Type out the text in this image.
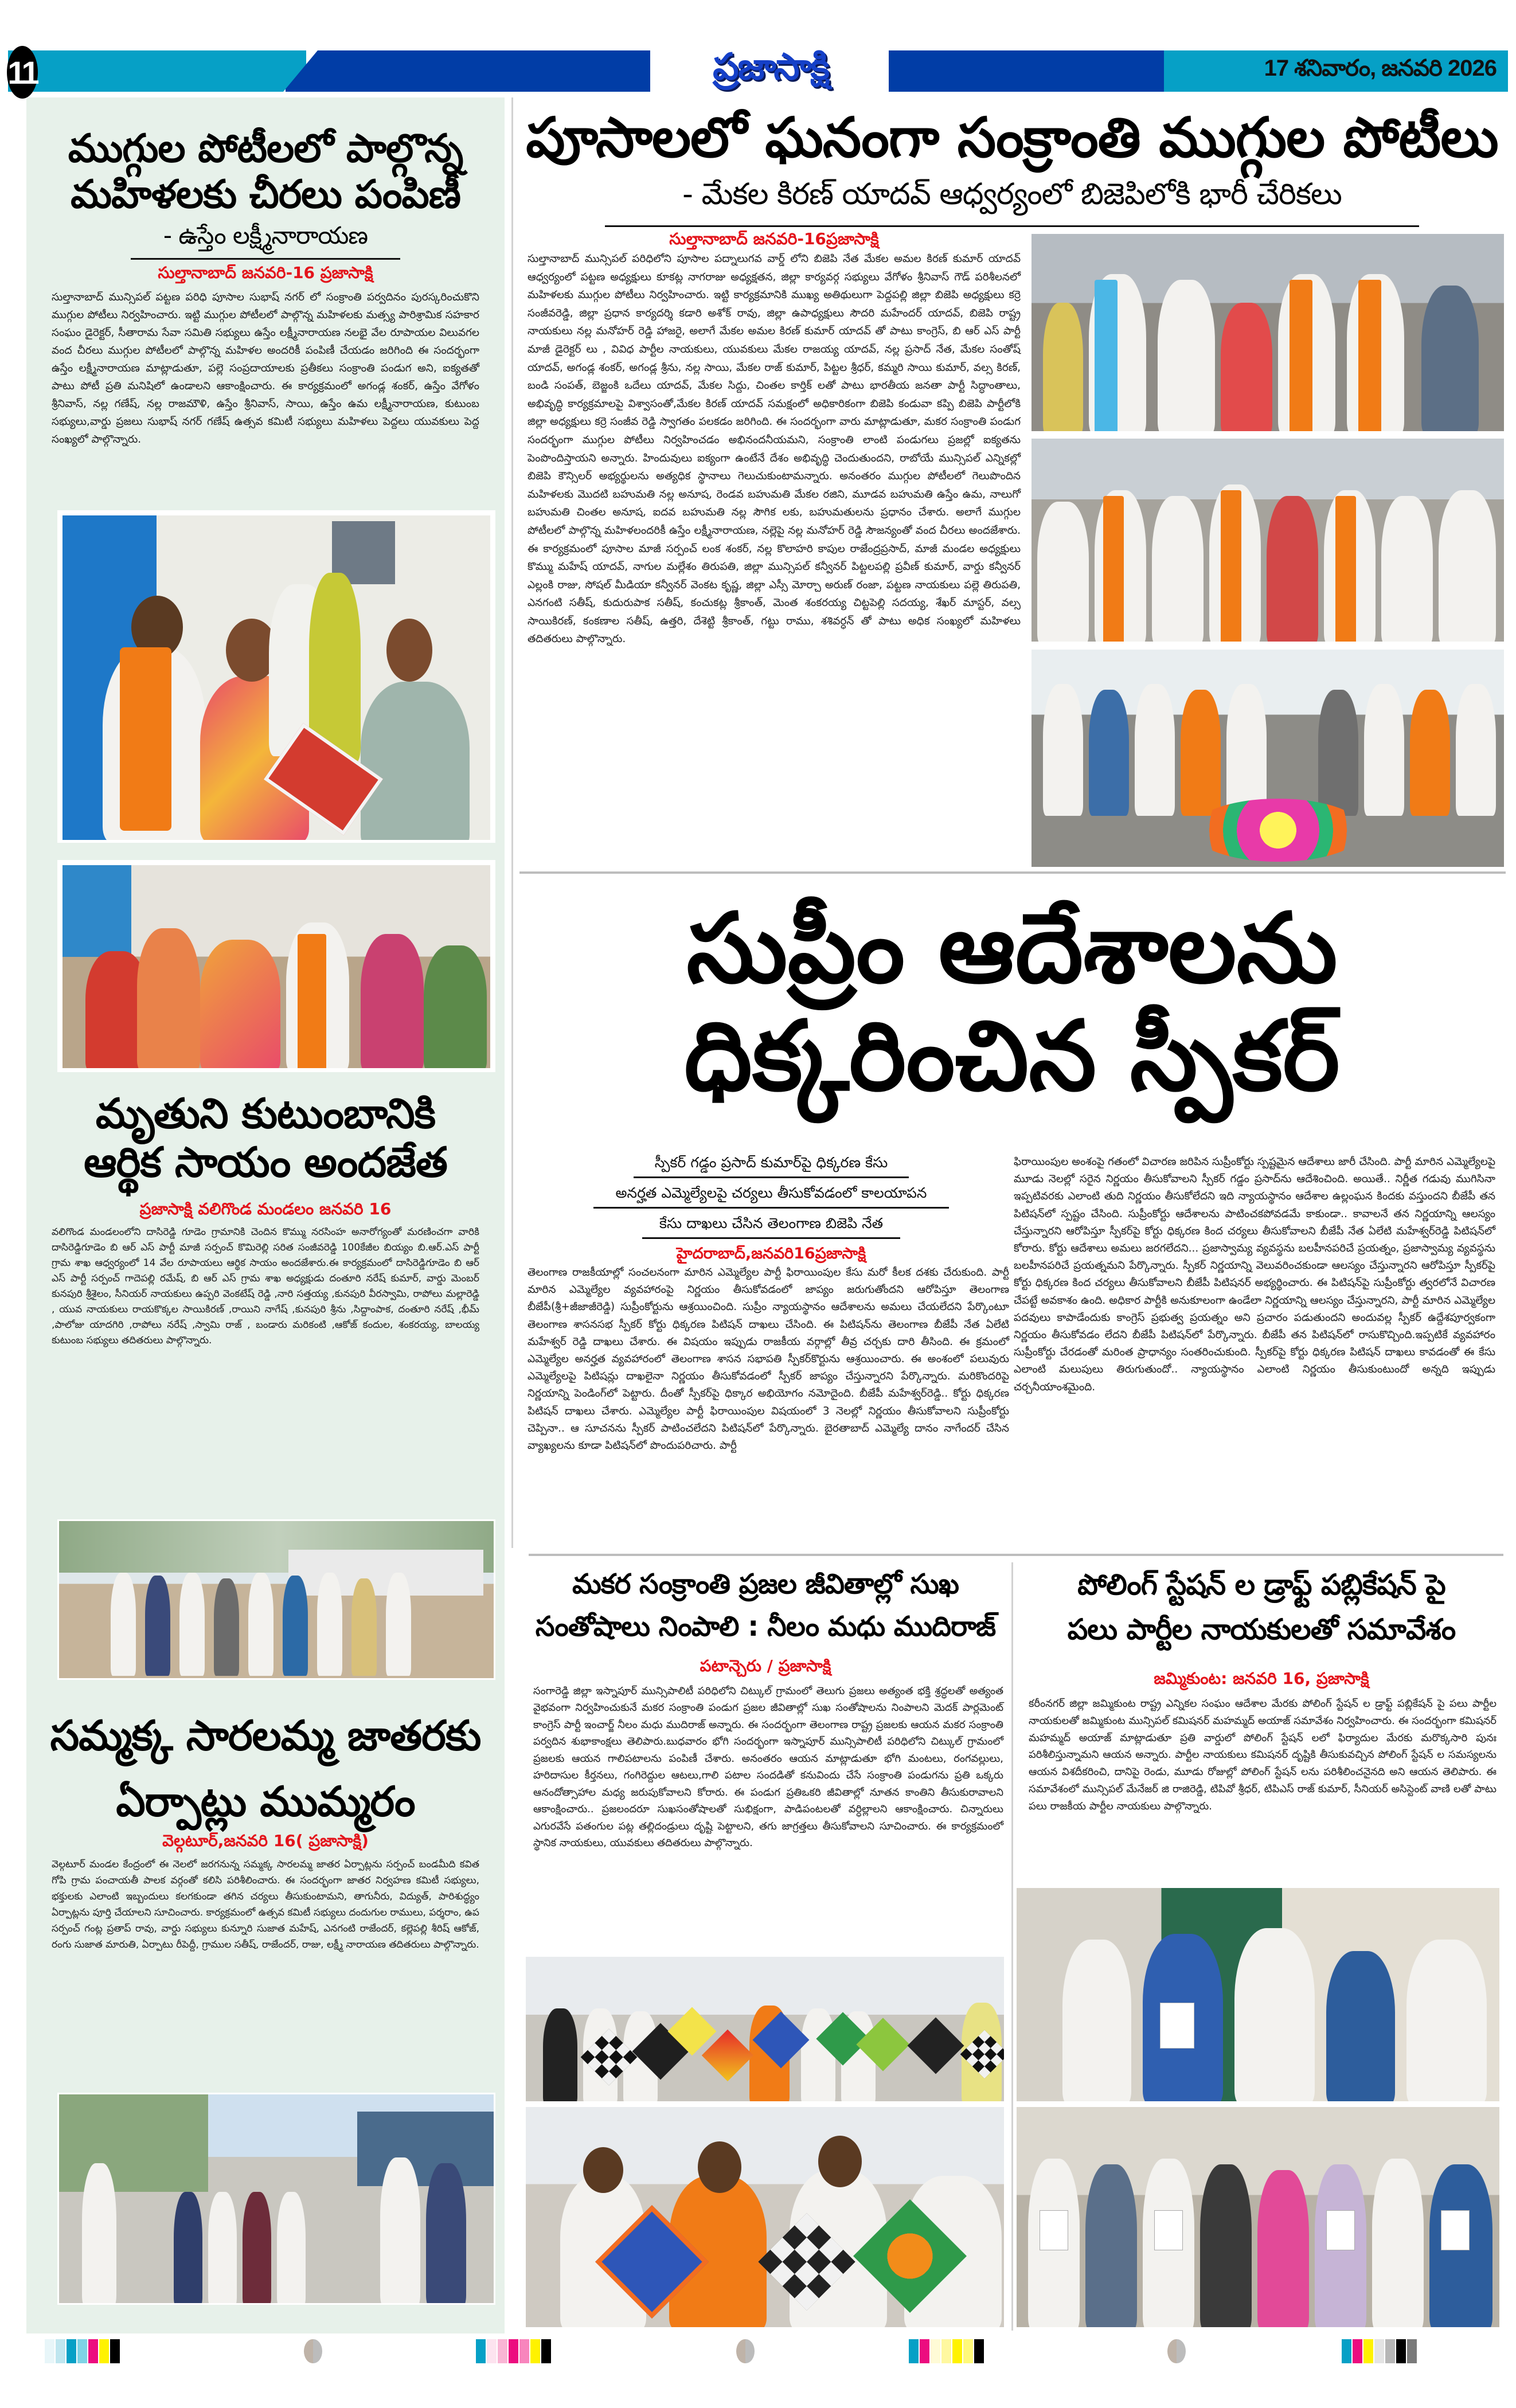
ప్రజాసాక్షి	17 శనివారం, జనవరి 2026
11
ముగ్గుల పోటీలలో పాల్గొన్న
మహిళలకు చీరలు పంపిణీ
- ఉస్తేం లక్ష్మీనారాయణ
సుల్తానాబాద్ జనవరి-16 ప్రజాసాక్షి

సుల్తానాబాద్ మున్సిపల్ పట్టణ పరిధి పూసాల సుభాష్ నగర్ లో సంక్రాంతి పర్వదినం పురస్కరించుకొని ముగ్గుల పోటీలు నిర్వహించారు. ఇట్టి ముగ్గుల పోటీలలో పాల్గొన్న మహిళలకు మత్స్య పారిశ్రామిక సహకార సంఘం డైరెక్టర్, సీతారామ సేవా సమితి సభ్యులు ఉస్తేం లక్ష్మీనారాయణ నలభై వేల రూపాయల విలువగల వంద చీరలు ముగ్గుల పోటీలలో పాల్గొన్న మహిళల అందరికీ పంపిణీ చేయడం జరిగింది ఈ సందర్భంగా ఉస్తేం లక్ష్మీనారాయణ మాట్లాడుతూ, పల్లె సంప్రదాయాలకు ప్రతీకలు సంక్రాంతి పండుగ అని, ఐక్యతతో పాటు పోటీ ప్రతి మనిషిలో ఉండాలని ఆకాంక్షించారు. ఈ కార్యక్రమంలో అగండ్ల శంకర్, ఉస్తేం వేగోళం శ్రీనివాస్, నల్ల గణేష్, నల్ల రాజమౌళి, ఉస్తేం శ్రీనివాస్, సాయి, ఉస్తేం ఉమ లక్ష్మీనారాయణ, కుటుంబ సభ్యులు,వార్డు ప్రజలు సుభాష్ నగర్ గణేష్ ఉత్సవ కమిటీ సభ్యులు మహిళలు పెద్దలు యువకులు పెద్ద సంఖ్యలో పాల్గొన్నారు.

మృతుని కుటుంబానికి
ఆర్థిక సాయం అందజేత
ప్రజాసాక్షి వలిగొండ మండలం జనవరి 16

వలిగొండ మండలంలోని దాసిరెడ్డి గూడెం గ్రామానికి చెందిన కొమ్ము నరసింహ అనారోగ్యంతో మరణించగా వారికి దాసిరెడ్డిగూడెం బి ఆర్ ఎస్ పార్టీ మాజీ సర్పంచ్ కొమిరెల్లి సరిత సంజీవరెడ్డి 100కేజీల బియ్యం బి.ఆర్.ఎస్ పార్టీ గ్రామ శాఖ ఆధ్వర్యంలో 14 వేల రూపాయలు ఆర్థిక సాయం అందజేశారు.ఈ కార్యక్రమంలో దాసిరెడ్డిగూడెం బి ఆర్ ఎస్ పార్టీ సర్పంచ్ గాదెపల్లి రమేష్, బి ఆర్ ఎస్ గ్రామ శాఖ అధ్యక్షుడు దంతూరి నరేష్ కుమార్, వార్డు మెంబర్ కునపురి శ్రీశైలం, సీనియర్ నాయకులు ఉప్పరి వెంకటేష్ రెడ్డి ,నారి సత్తయ్య ,కునపురి వీరస్వామి, రాపోలు మల్లారెడ్డి , యువ నాయకులు రాయకొక్కల సాయికిరణ్ ,రాయిని నాగేష్ ,కునపురి శ్రీను ,సిద్దాంపాక, దంతూరి నరేష్ ,భీమ్ ,పాలోజు యాదగిరి ,రాపోలు నరేష్ ,స్వామి రాజ్ , బండారు మరికంటి ,ఆకోజ్ కందుల, శంకరయ్య, బాలయ్య కుటుంబ సభ్యులు తదితరులు పాల్గొన్నారు.

సమ్మక్క సారలమ్మ జాతరకు
ఏర్పాట్లు ముమ్మరం
వెల్గటూర్,జనవరి 16( ప్రజాసాక్షి)

వెల్గటూర్ మండల కేంద్రంలో ఈ నెలలో జరగనున్న సమ్మక్క సారలమ్మ జాతర ఏర్పాట్లను సర్పంచ్ బండమీది కవిత గోపి గ్రామ పంచాయతీ పాలక వర్గంతో కలిసి పరిశీలించారు. ఈ సందర్భంగా జాతర నిర్వహణ కమిటీ సభ్యులు, భక్తులకు ఎలాంటి ఇబ్బందులు కలగకుండా తగిన చర్యలు తీసుకుంటామని, తాగునీరు, విద్యుత్, పారిశుద్ధ్యం ఏర్పాట్లను పూర్తి చేయాలని సూచించారు. కార్యక్రమంలో ఉత్సవ కమిటీ సభ్యులు దందుగుల రాములు, పర్శరాం, ఉప సర్పంచ్ గంట్ల ప్రతాప్ రావు, వార్డు సభ్యులు కున్నూరి సుజాత మహేష్, ఎనగంటి రాజేందర్, కల్లెపల్లి శీరిష్ ఆకోజ్, రంగు సుజాత మారుతి, ఏర్పాటు రీపెద్దీ, గ్రాముల సతీష్, రాజేందర్, రాజు, లక్ష్మీ నారాయణ తదితరులు పాల్గొన్నారు.

పూసాలలో ఘనంగా సంక్రాంతి ముగ్గుల పోటీలు
- మేకల కిరణ్ యాదవ్ ఆధ్వర్యంలో బిజెపిలోకి భారీ చేరికలు
సుల్తానాబాద్ జనవరి-16ప్రజాసాక్షి

సుల్తానాబాద్ మున్సిపల్ పరిధిలోని పూసాల పద్నాలుగవ వార్డ్ లోని బిజెపి నేత మేకల అమల కిరణ్ కుమార్ యాదవ్ ఆధ్వర్యంలో పట్టణ అధ్యక్షులు కూకట్ల నాగరాజు అధ్యక్షతన, జిల్లా కార్యవర్గ సభ్యులు వేగోళం శ్రీనివాస్ గౌడ్ పరిశీలనలో మహిళలకు ముగ్గుల పోటీలు నిర్వహించారు. ఇట్టి కార్యక్రమానికి ముఖ్య అతిథులుగా పెద్దపల్లి జిల్లా బిజెపి అధ్యక్షులు కర్రె సంజీవరెడ్డి, జిల్లా ప్రధాన కార్యదర్శి కడారి అశోక్ రావు, జిల్లా ఉపాధ్యక్షులు సౌదరి మహేందర్ యాదవ్, బిజెపి రాష్ట్ర నాయకులు నల్ల మనోహర్ రెడ్డి హాజరై, అలాగే మేకల అమల కిరణ్ కుమార్ యాదవ్ తో పాటు కాంగ్రెస్, బి ఆర్ ఎస్ పార్టీ మాజీ డైరెక్టర్ లు , వివిధ పార్టీల నాయకులు, యువకులు మేకల రాజయ్య యాదవ్, నల్ల ప్రసాద్ నేత, మేకల సంతోష్ యాదవ్, అగండ్ల శంకర్, అగండ్ల శ్రీను, నల్ల సాయి, మేకల రాజ్ కుమార్, పిట్టల శ్రీధర్, కమ్మరి సాయి కుమార్, వల్స కిరణ్, బండి సంపత్, బెజ్జంకి ఒదేలు యాదవ్, మేకల సిద్దు, చింతల కార్తిక్ లతో పాటు భారతీయ జనతా పార్టీ సిద్ధాంతాలు, అభివృద్ధి కార్యక్రమాలపై విశ్వాసంతో,మేకల కిరణ్ యాదవ్ సమక్షంలో అధికారికంగా బిజెపి కండువా కప్పి బిజెపి పార్టీలోకి జిల్లా అధ్యక్షులు కర్రె సంజీవ రెడ్డి స్వాగతం పలకడం జరిగింది. ఈ సందర్భంగా వారు మాట్లాడుతూ, మకర సంక్రాంతి పండుగ సందర్భంగా ముగ్గుల పోటీలు నిర్వహించడం అభినందనీయమని, సంక్రాంతి లాంటి పండుగలు ప్రజల్లో ఐక్యతను పెంపొందిస్తాయని అన్నారు. హిందువులు ఐక్యంగా ఉంటేనే దేశం అభివృద్ధి చెందుతుందని, రాబోయే మున్సిపల్ ఎన్నికల్లో బిజెపి కౌన్సిలర్ అభ్యర్థులను అత్యధిక స్థానాలు గెలుచుకుంటామన్నారు. అనంతరం ముగ్గుల పోటీలలో గెలుపొందిన మహిళలకు మొదటి బహుమతి నల్ల అనూష, రెండవ బహుమతి మేకల రజిని, మూడవ బహుమతి ఉస్తేం ఉమ, నాలుగో బహుమతి చింతల అనూష, ఐదవ బహుమతి నల్ల సౌగిక లకు, బహుమతులను ప్రధానం చేశారు. అలాగే ముగ్గుల పోటీలలో పాల్గొన్న మహిళలందరికీ ఉస్తేం లక్ష్మీనారాయణ, నల్లెపై నల్ల మనోహర్ రెడ్డి సౌజన్యంతో వంద చీరలు అందజేశారు. ఈ కార్యక్రమంలో పూసాల మాజీ సర్పంచ్ లంక శంకర్, నల్ల కొలాహరి కాపుల రాజేంద్రప్రసాద్, మాజీ మండల అధ్యక్షులు కొమ్ము మహేష్ యాదవ్, నాగుల మల్లేశం తిరుపతి, జిల్లా మున్సిపల్ కన్వీనర్ పిట్టలపల్లి ప్రవీణ్ కుమార్, వార్డు కన్వీనర్ ఎల్లంకి రాజు, సోషల్ మీడియా కన్వీనర్ వెంకట కృష్ణ, జిల్లా ఎస్సీ మోర్చా అరుణ్ రంజా, పట్టణ నాయకులు పల్లె తిరుపతి, ఎనగంటి సతీష్, కుదురుపాక సతీష్, కంచుకట్ల శ్రీకాంత్, మెంత శంకరయ్య చిట్టపెల్లి సదయ్య, శేఖర్ మాస్టర్, వల్స సాయికిరణ్, కంకణాల సతీష్, ఉత్తరి, దేశెట్టి శ్రీకాంత్, గట్టు రాము, శశివర్ధన్ తో పాటు అధిక సంఖ్యలో మహిళలు తదితరులు పాల్గొన్నారు.

సుప్రీం ఆదేశాలను
ధిక్కరించిన స్పీకర్
స్పీకర్ గడ్డం ప్రసాద్ కుమార్‌పై ధిక్కరణ కేసు
అనర్హత ఎమ్మెల్యేలపై చర్యలు తీసుకోవడంలో కాలయాపన
కేసు దాఖలు చేసిన తెలంగాణ బిజెపి నేత
హైదరాబాద్,జనవరి16ప్రజాసాక్షి

తెలంగాణ రాజకీయాల్లో సంచలనంగా మారిన ఎమ్మెల్యేల పార్టీ ఫిరాయింపుల కేసు మరో కీలక దశకు చేరుకుంది. పార్టీ మారిన ఎమ్మెల్యేల వ్యవహారంపై నిర్ణయం తీసుకోవడంలో జాప్యం జరుగుతోందని ఆరోపిస్తూ తెలంగాణ బీజేపీ(శ్రీ+జీజాజీరెడ్డి) సుప్రీంకోర్టును ఆశ్రయించింది. సుప్రీం న్యాయస్థానం ఆదేశాలను అమలు చేయలేదని పేర్కొంటూ తెలంగాణ శాసనసభ స్పీకర్ కోర్టు ధిక్కరణ పిటిషన్ దాఖలు చేసింది. ఈ పిటిషన్‌ను తెలంగాణ బీజేపీ నేత ఏలేటి మహేశ్వర్ రెడ్డి దాఖలు చేశారు. ఈ విషయం ఇప్పుడు రాజకీయ వర్గాల్లో తీవ్ర చర్చకు దారి తీసింది. ఈ క్రమంలో ఎమ్మెల్యేల అనర్హత వ్యవహారంలో తెలంగాణ శాసన సభాపతి స్పీకర్‌కొర్టును ఆశ్రయించారు. ఈ అంశంలో పలువురు ఎమ్మెల్యేలపై పిటిషన్లు దాఖలైనా నిర్ణయం తీసుకోవడంలో స్పీకర్ జాప్యం చేస్తున్నారని పేర్కొన్నారు. మరికొందరిపై నిర్ణయాన్ని పెండింగ్‌లో పెట్టారు. దీంతో స్పీకర్‌పై ధిక్కార అభియోగం నమోదైంది. బీజేపీ మహేశ్వర్‌రెడ్డి.. కోర్టు ధిక్కరణ పిటిషన్ దాఖలు చేశారు. ఎమ్మెల్యేల పార్టీ ఫిరాయింపుల విషయంలో 3 నెలల్లో నిర్ణయం తీసుకోవాలని సుప్రీంకోర్టు చెప్పినా.. ఆ సూచనను స్పీకర్ పాటించలేదని పిటిషన్‌లో పేర్కొన్నారు. బైరతాబాద్ ఎమ్మెల్యే దానం నాగేందర్ చేసిన వ్యాఖ్యలను కూడా పిటిషన్‌లో పొందుపరిచారు. పార్టీ

ఫిరాయింపుల అంశంపై గతంలో విచారణ జరిపిన సుప్రీంకోర్టు స్పష్టమైన ఆదేశాలు జారీ చేసింది. పార్టీ మారిన ఎమ్మెల్యేలపై మూడు నెలల్లో సరైన నిర్ణయం తీసుకోవాలని స్పీకర్ గడ్డం ప్రసాద్‌ను ఆదేశించింది. అయితే.. నిర్ణీత గడువు ముగిసినా ఇప్పటివరకు ఎలాంటి తుది నిర్ణయం తీసుకోలేదని ఇది న్యాయస్థానం ఆదేశాల ఉల్లంఘన కిందకు వస్తుందని బీజేపీ తన పిటిషన్‌లో స్పష్టం చేసింది. సుప్రీంకోర్టు ఆదేశాలను పాటించకపోవడమే కాకుండా.. కావాలనే తన నిర్ణయాన్ని ఆలస్యం చేస్తున్నారని ఆరోపిస్తూ స్పీకర్‌పై కోర్టు ధిక్కరణ కింద చర్యలు తీసుకోవాలని బీజేపీ నేత ఏలేటి మహేశ్వర్‌రెడ్డి పిటిషన్‌లో కోరారు. కోర్టు ఆదేశాలు అమలు జరగలేదని... ప్రజాస్వామ్య వ్యవస్థను బలహీనపరిచే ప్రయత్నం, ప్రజాస్వామ్య వ్యవస్థను బలహీనపరిచే ప్రయత్నమని పేర్కొన్నారు. స్పీకర్ నిర్ణయాన్ని వెలువరించకుండా ఆలస్యం చేస్తున్నారని ఆరోపిస్తూ స్పీకర్‌పై కోర్టు ధిక్కరణ కింద చర్యలు తీసుకోవాలని బీజేపీ పిటిషనర్ అభ్యర్థించారు. ఈ పిటిషన్‌పై సుప్రీంకోర్టు త్వరలోనే విచారణ చేపట్టే అవకాశం ఉంది. అధికార పార్టీకి అనుకూలంగా ఉండేలా నిర్ణయాన్ని ఆలస్యం చేస్తున్నారని, పార్టీ మారిన ఎమ్మెల్యేల పదవులు కాపాడేందుకు కాంగ్రెస్ ప్రభుత్వ ప్రయత్నం అని ప్రచారం పడుతుందని అందువల్ల స్పీకర్ ఉద్దేశపూర్వకంగా నిర్ణయం తీసుకోవడం లేదని బీజేపీ పిటిషన్‌లో పేర్కొన్నారు. బీజేపీ తన పిటిషన్‌లో రాసుకొచ్చింది.ఇప్పటికే వ్యవహారం సుప్రీంకోర్టు చేరడంతో మరింత ప్రాధాన్యం సంతరించుకుంది. స్పీకర్‌పై కోర్టు ధిక్కరణ పిటిషన్ దాఖలు కావడంతో ఈ కేసు ఎలాంటి మలుపులు తిరుగుతుందో.. న్యాయస్థానం ఎలాంటి నిర్ణయం తీసుకుంటుందో అన్నది ఇప్పుడు చర్చనీయాంశమైంది.

మకర సంక్రాంతి ప్రజల జీవితాల్లో సుఖ
సంతోషాలు నింపాలి : నీలం మధు ముదిరాజ్
పటాన్చెరు / ప్రజాసాక్షి

సంగారెడ్డి జిల్లా ఇస్నాపూర్ మున్సిపాలిటీ పరిధిలోని చిట్కుల్ గ్రామంలో తెలుగు ప్రజలు అత్యంత భక్తి శ్రద్ధలతో అత్యంత వైభవంగా నిర్వహించుకునే మకర సంక్రాంతి పండుగ ప్రజల జీవితాల్లో సుఖ సంతోషాలను నింపాలని మెదక్ పార్లమెంట్ కాంగ్రెస్ పార్టీ ఇంచార్జ్ నీలం మధు ముదిరాజ్ అన్నారు. ఈ సందర్భంగా తెలంగాణ రాష్ట్ర ప్రజలకు ఆయన మకర సంక్రాంతి పర్వదిన శుభాకాంక్షలు తెలిపారు.బుధవారం భోగి సందర్భంగా ఇస్నాపూర్ మున్సిపాలిటీ పరిధిలోని చిట్కుల్ గ్రామంలో ప్రజలకు ఆయన గాలిపటాలను పంపిణీ చేశారు. అనంతరం ఆయన మాట్లాడుతూ భోగి మంటలు, రంగవల్లులు, హరిదాసుల కీర్తనలు, గంగిరెద్దుల ఆటలు,గాలి పటాల సందడితో కనువిందు చేసే సంక్రాంతి పండుగను ప్రతి ఒక్కరు ఆనందోత్సాహాల మధ్య జరుపుకోవాలని కోరారు. ఈ పండుగ ప్రతిఒకరి జీవితాల్లో నూతన కాంతిని తీసుకురావాలని ఆకాంక్షించారు.. ప్రజలందరూ సుఖసంతోషాలతో సుభిక్షంగా, పాడిపంటలతో వర్ధిల్లాలని ఆకాంక్షించారు. చిన్నారులు ఎగురవేసే పతంగుల పట్ల తల్లిదండ్రులు దృష్టి పెట్టాలని, తగు జాగ్రత్తలు తీసుకోవాలని సూచించారు. ఈ కార్యక్రమంలో స్థానిక నాయకులు, యువకులు తదితరులు పాల్గొన్నారు.

పోలింగ్ స్టేషన్ ల డ్రాఫ్ట్ పబ్లికేషన్ పై
పలు పార్టీల నాయకులతో సమావేశం
జమ్మికుంట: జనవరి 16, ప్రజాసాక్షి

కరీంనగర్ జిల్లా జమ్మికుంట రాష్ట్ర ఎన్నికల సంఘం ఆదేశాల మేరకు పోలింగ్ స్టేషన్ ల డ్రాఫ్ట్ పబ్లికేషన్ పై పలు పార్టీల నాయకులతో జమ్మికుంట మున్సిపల్ కమిషనర్ మహమ్మద్ అయాజ్ సమావేశం నిర్వహించారు. ఈ సందర్భంగా కమిషనర్ మహమ్మద్ అయాజ్ మాట్లాడుతూ ప్రతి వార్డులో పోలింగ్ స్టేషన్ లలో ఫిర్యాదుల మేరకు మరొక్కసారి పునః పరిశీలిస్తున్నామని ఆయన అన్నారు. పార్టీల నాయకులు కమిషనర్ దృష్టికి తీసుకువచ్చిన పోలింగ్ స్టేషన్ ల సమస్యలను ఆయన విశదీకరించి, దానిపై రెండు, మూడు రోజుల్లో పోలింగ్ స్టేషన్ లను పరిశీలించనైనది అని ఆయన తెలిపారు. ఈ సమావేశంలో మున్సిపల్ మేనేజర్ జి రాజిరెడ్డి, టిపివో శ్రీధర్, టిపిఎస్ రాజ్ కుమార్, సీనియర్ అసిస్టెంట్ వాణి లతో పాటు పలు రాజకీయ పార్టీల నాయకులు పాల్గొన్నారు.
